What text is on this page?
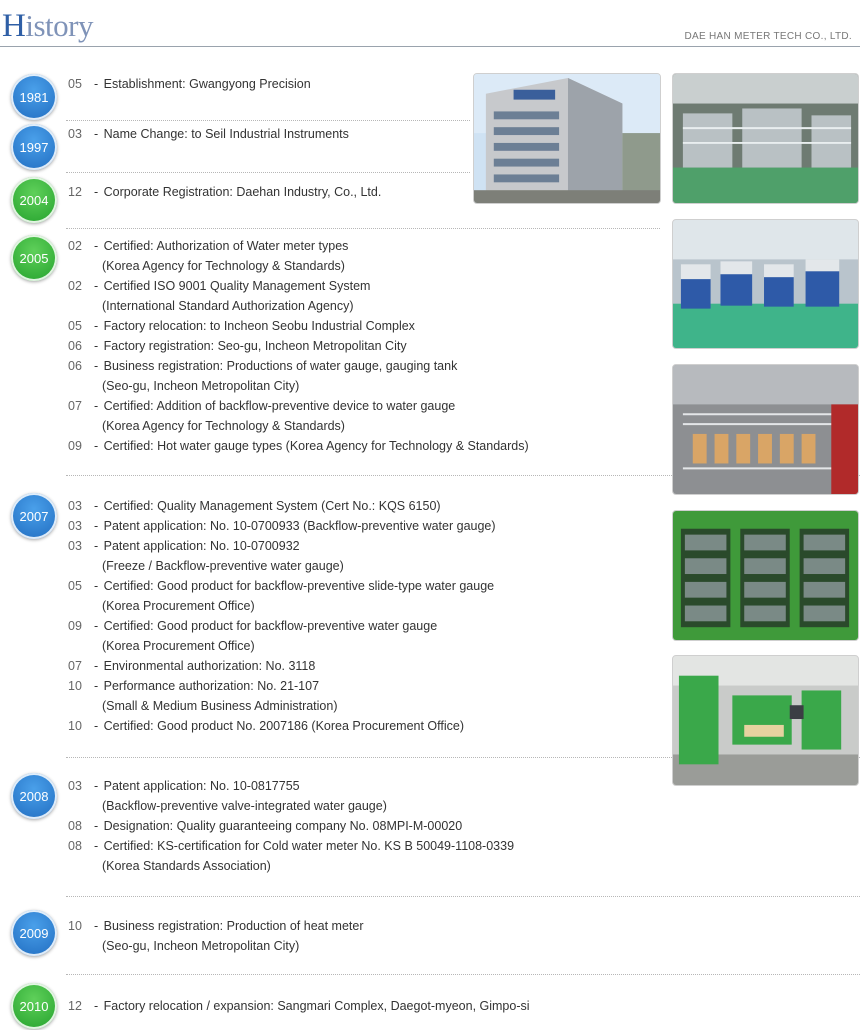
History	DAE HAN METER TECH CO., LTD.
1981
05 - Establishment: Gwangyong Precision
1997
03 - Name Change: to Seil Industrial Instruments
2004
12 - Corporate Registration: Daehan Industry, Co., Ltd.
2005
02 - Certified: Authorization of Water meter types
(Korea Agency for Technology & Standards)
02 - Certified ISO 9001 Quality Management System
(International Standard Authorization Agency)
05 - Factory relocation: to Incheon Seobu Industrial Complex
06 - Factory registration: Seo-gu, Incheon Metropolitan City
06 - Business registration: Productions of water gauge, gauging tank
(Seo-gu, Incheon Metropolitan City)
07 - Certified: Addition of backflow-preventive device to water gauge
(Korea Agency for Technology & Standards)
09 - Certified: Hot water gauge types (Korea Agency for Technology & Standards)
2007
03 - Certified: Quality Management System (Cert No.: KQS 6150)
03 - Patent application: No. 10-0700933 (Backflow-preventive water gauge)
03 - Patent application: No. 10-0700932
(Freeze / Backflow-preventive water gauge)
05 - Certified: Good product for backflow-preventive slide-type water gauge
(Korea Procurement Office)
09 - Certified: Good product for backflow-preventive water gauge
(Korea Procurement Office)
07 - Environmental authorization: No. 3118
10 - Performance authorization: No. 21-107
(Small & Medium Business Administration)
10 - Certified: Good product No. 2007186 (Korea Procurement Office)
2008
03 - Patent application: No. 10-0817755
(Backflow-preventive valve-integrated water gauge)
08 - Designation: Quality guaranteeing company No. 08MPI-M-00020
08 - Certified: KS-certification for Cold water meter No. KS B 50049-1108-0339
(Korea Standards Association)
2009	10 - Business registration: Production of heat meter
(Seo-gu, Incheon Metropolitan City)
2010	12 - Factory relocation / expansion: Sangmari Complex, Daegot-myeon, Gimpo-si
